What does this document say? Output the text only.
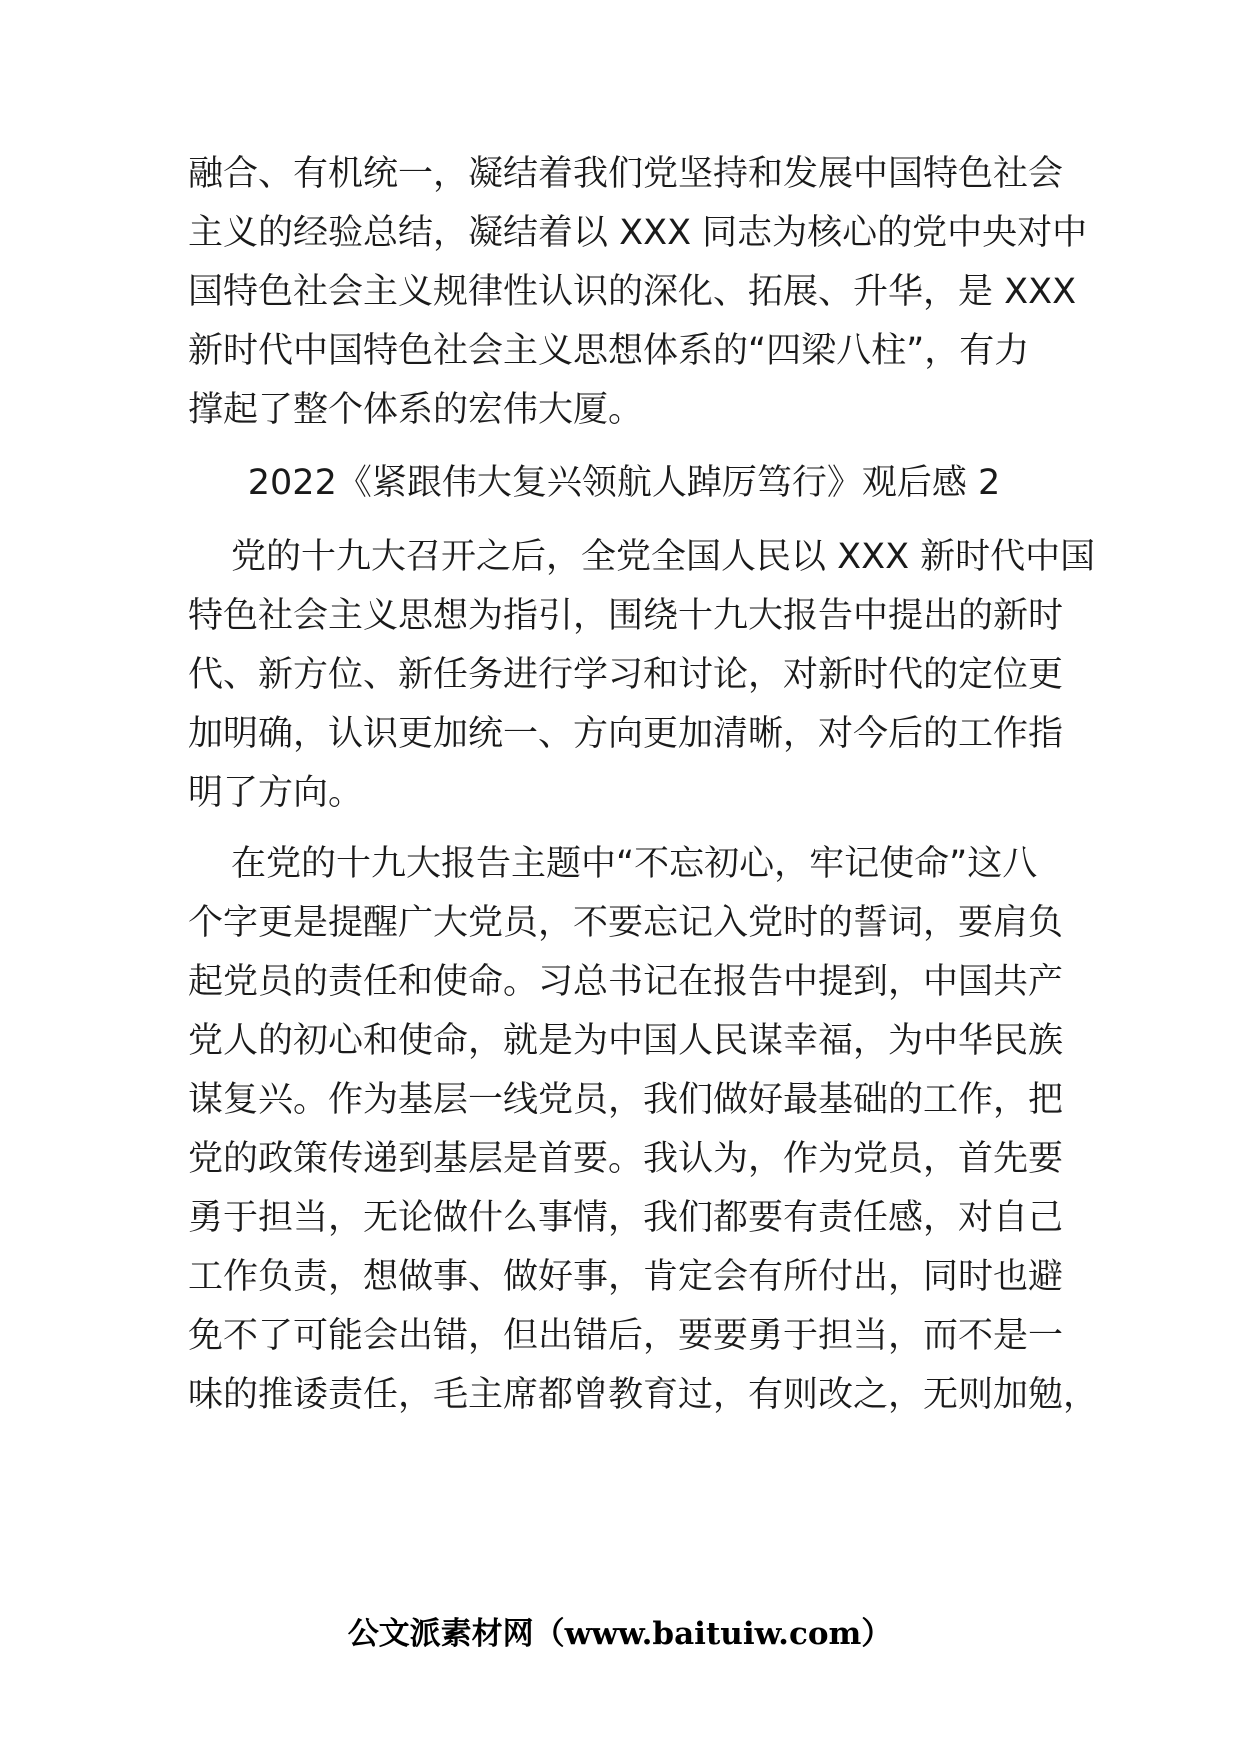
融合、有机统一，凝结着我们党坚持和发展中国特色社会
主义的经验总结，凝结着以 XXX 同志为核心的党中央对中
国特色社会主义规律性认识的深化、拓展、升华，是 XXX
新时代中国特色社会主义思想体系的“四梁八柱”，有力
撑起了整个体系的宏伟大厦。
2022《紧跟伟大复兴领航人踔厉笃行》观后感 2
党的十九大召开之后，全党全国人民以 XXX 新时代中国
特色社会主义思想为指引，围绕十九大报告中提出的新时
代、新方位、新任务进行学习和讨论，对新时代的定位更
加明确，认识更加统一、方向更加清晰，对今后的工作指
明了方向。
在党的十九大报告主题中“不忘初心，牢记使命”这八
个字更是提醒广大党员，不要忘记入党时的誓词，要肩负
起党员的责任和使命。习总书记在报告中提到，中国共产
党人的初心和使命，就是为中国人民谋幸福，为中华民族
谋复兴。作为基层一线党员，我们做好最基础的工作，把
党的政策传递到基层是首要。我认为，作为党员，首先要
勇于担当，无论做什么事情，我们都要有责任感，对自己
工作负责，想做事、做好事，肯定会有所付出，同时也避
免不了可能会出错，但出错后，要要勇于担当，而不是一
味的推诿责任，毛主席都曾教育过，有则改之，无则加勉，
公文派素材网（www.baituiw.com）
